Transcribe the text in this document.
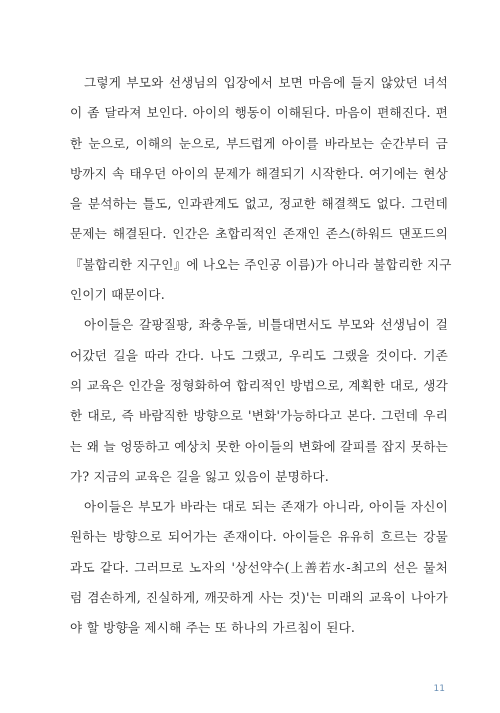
그렇게 부모와 선생님의 입장에서 보면 마음에 들지 않았던 녀석
이 좀 달라져 보인다. 아이의 행동이 이해된다. 마음이 편해진다. 편
한 눈으로, 이해의 눈으로, 부드럽게 아이를 바라보는 순간부터 금
방까지 속 태우던 아이의 문제가 해결되기 시작한다. 여기에는 현상
을 분석하는 틀도, 인과관계도 없고, 정교한 해결책도 없다. 그런데
문제는 해결된다. 인간은 초합리적인 존재인 존스(하워드 댄포드의
『불합리한 지구인』에 나오는 주인공 이름)가 아니라 불합리한 지구
인이기 때문이다.
아이들은 갈팡질팡, 좌충우돌, 비틀대면서도 부모와 선생님이 걸
어갔던 길을 따라 간다. 나도 그랬고, 우리도 그랬을 것이다. 기존
의 교육은 인간을 정형화하여 합리적인 방법으로, 계획한 대로, 생각
한 대로, 즉 바람직한 방향으로 '변화'가능하다고 본다. 그런데 우리
는 왜 늘 엉뚱하고 예상치 못한 아이들의 변화에 갈피를 잡지 못하는
가? 지금의 교육은 길을 잃고 있음이 분명하다.
아이들은 부모가 바라는 대로 되는 존재가 아니라, 아이들 자신이
원하는 방향으로 되어가는 존재이다. 아이들은 유유히 흐르는 강물
과도 같다. 그러므로 노자의 '상선약수(上善若水-최고의 선은 물처
럼 겸손하게, 진실하게, 깨끗하게 사는 것)'는 미래의 교육이 나아가
야 할 방향을 제시해 주는 또 하나의 가르침이 된다.
11
